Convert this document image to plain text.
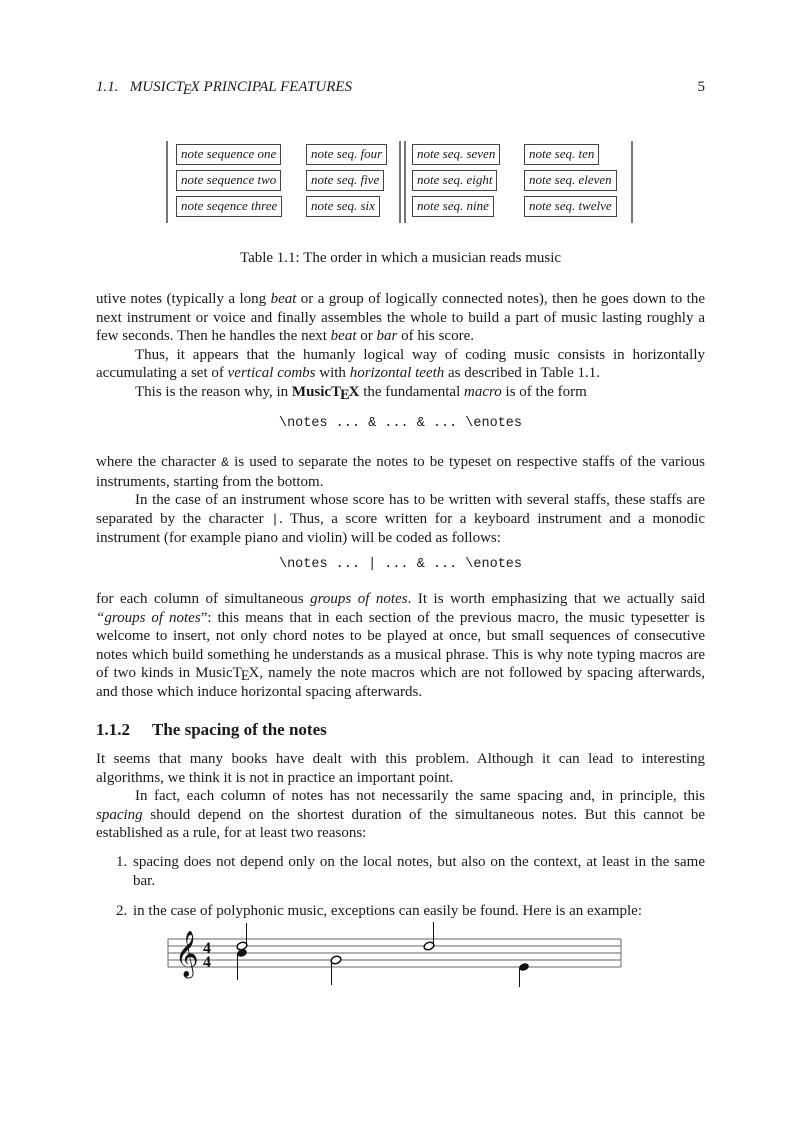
1.1. MUSICTEX PRINCIPAL FEATURES	5
note sequence one
note sequence two
note seqence three
note seq. four
note seq. five
note seq. six
note seq. seven
note seq. eight
note seq. nine
note seq. ten
note seq. eleven
note seq. twelve
Table 1.1: The order in which a musician reads music

utive notes (typically a long beat or a group of logically connected notes), then he goes down to the next instrument or voice and finally assembles the whole to build a part of music lasting roughly a few seconds. Then he handles the next beat or bar of his score.

Thus, it appears that the humanly logical way of coding music consists in horizontally accumulating a set of vertical combs with horizontal teeth as described in Table 1.1.

This is the reason why, in MusicTEX the fundamental macro is of the form

\notes ... & ... & ... \enotes

where the character & is used to separate the notes to be typeset on respective staffs of the various instruments, starting from the bottom.

In the case of an instrument whose score has to be written with several staffs, these staffs are separated by the character |. Thus, a score written for a keyboard instrument and a monodic instrument (for example piano and violin) will be coded as follows:

\notes ... | ... & ... \enotes

for each column of simultaneous groups of notes. It is worth emphasizing that we actually said “groups of notes”: this means that in each section of the previous macro, the music typesetter is welcome to insert, not only chord notes to be played at once, but small sequences of consecutive notes which build something he understands as a musical phrase. This is why note typing macros are of two kinds in MusicTEX, namely the note macros which are not followed by spacing afterwards, and those which induce horizontal spacing afterwards.

1.1.2 The spacing of the notes

It seems that many books have dealt with this problem. Although it can lead to interesting algorithms, we think it is not in practice an important point.

In fact, each column of notes has not necessarily the same spacing and, in principle, this spacing should depend on the shortest duration of the simultaneous notes. But this cannot be established as a rule, for at least two reasons:

1. spacing does not depend only on the local notes, but also on the context, at least in the same bar.
2. in the case of polyphonic music, exceptions can easily be found. Here is an example:
𝄞 4
4
